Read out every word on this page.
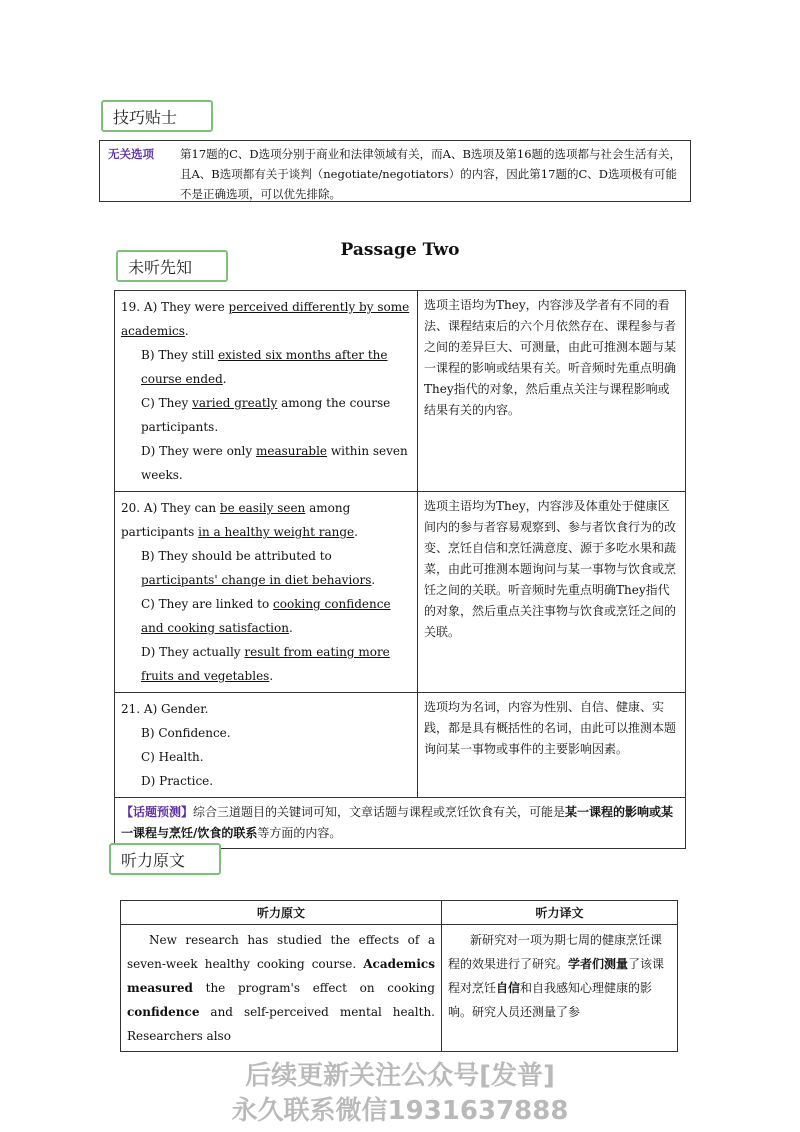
技巧贴士
无关选项 第17题的C、D选项分别于商业和法律领域有关，而A、B选项及第16题的选项都与社会生活有关，且A、B选项都有关于谈判（negotiate/negotiators）的内容，因此第17题的C、D选项极有可能不是正确选项，可以优先排除。
未听先知
Passage Two
19. A) They were perceived differently by some academics.

B) They still existed six months after the course ended.
C) They varied greatly among the course participants.
D) They were only measurable within seven weeks.	选项主语均为They，内容涉及学者有不同的看法、课程结束后的六个月依然存在、课程参与者之间的差异巨大、可测量，由此可推测本题与某一课程的影响或结果有关。听音频时先重点明确They指代的对象，然后重点关注与课程影响或结果有关的内容。
20. A) They can be easily seen among participants in a healthy weight range.

B) They should be attributed to participants' change in diet behaviors.
C) They are linked to cooking confidence and cooking satisfaction.
D) They actually result from eating more fruits and vegetables.	选项主语均为They，内容涉及体重处于健康区间内的参与者容易观察到、参与者饮食行为的改变、烹饪自信和烹饪满意度、源于多吃水果和蔬菜，由此可推测本题询问与某一事物与饮食或烹饪之间的关联。听音频时先重点明确They指代的对象，然后重点关注事物与饮食或烹饪之间的关联。
21. A) Gender.

B) Confidence.
C) Health.
D) Practice.	选项均为名词，内容为性别、自信、健康、实践，都是具有概括性的名词，由此可以推测本题询问某一事物或事件的主要影响因素。
【话题预测】综合三道题目的关键词可知，文章话题与课程或烹饪饮食有关，可能是某一课程的影响或某一课程与烹饪/饮食的联系等方面的内容。	
听力原文
听力原文	听力译文
New research has studied the effects of a seven-week healthy cooking course. Academics measured the program's effect on cooking confidence and self-perceived mental health. Researchers also	新研究对一项为期七周的健康烹饪课程的效果进行了研究。学者们测量了该课程对烹饪自信和自我感知心理健康的影响。研究人员还测量了参
后续更新关注公众号[发普]
永久联系微信1931637888
